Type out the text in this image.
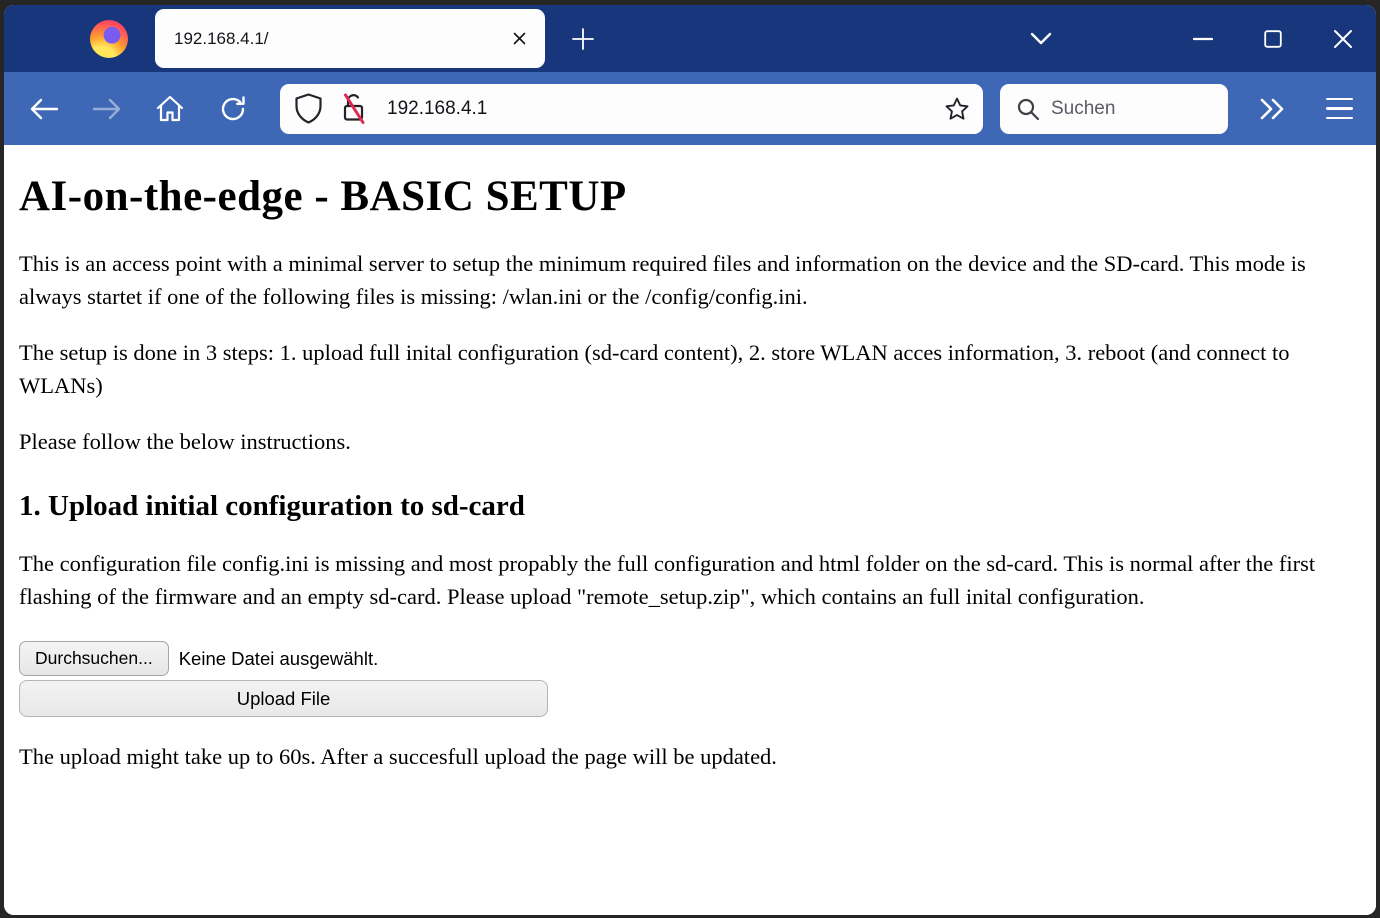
192.168.4.1/
192.168.4.1
Suchen
AI-on-the-edge - BASIC SETUP

This is an access point with a minimal server to setup the minimum required files and information on the device and the SD-card. This mode is always startet if one of the following files is missing: /wlan.ini or the /config/config.ini.

The setup is done in 3 steps: 1. upload full inital configuration (sd-card content), 2. store WLAN acces information, 3. reboot (and connect to WLANs)

Please follow the below instructions.

1. Upload initial configuration to sd-card

The configuration file config.ini is missing and most propably the full configuration and html folder on the sd-card. This is normal after the first flashing of the firmware and an empty sd-card. Please upload "remote_setup.zip", which contains an full inital configuration.

Durchsuchen...	Keine Datei ausgewählt.
Upload File

The upload might take up to 60s. After a succesfull upload the page will be updated.
